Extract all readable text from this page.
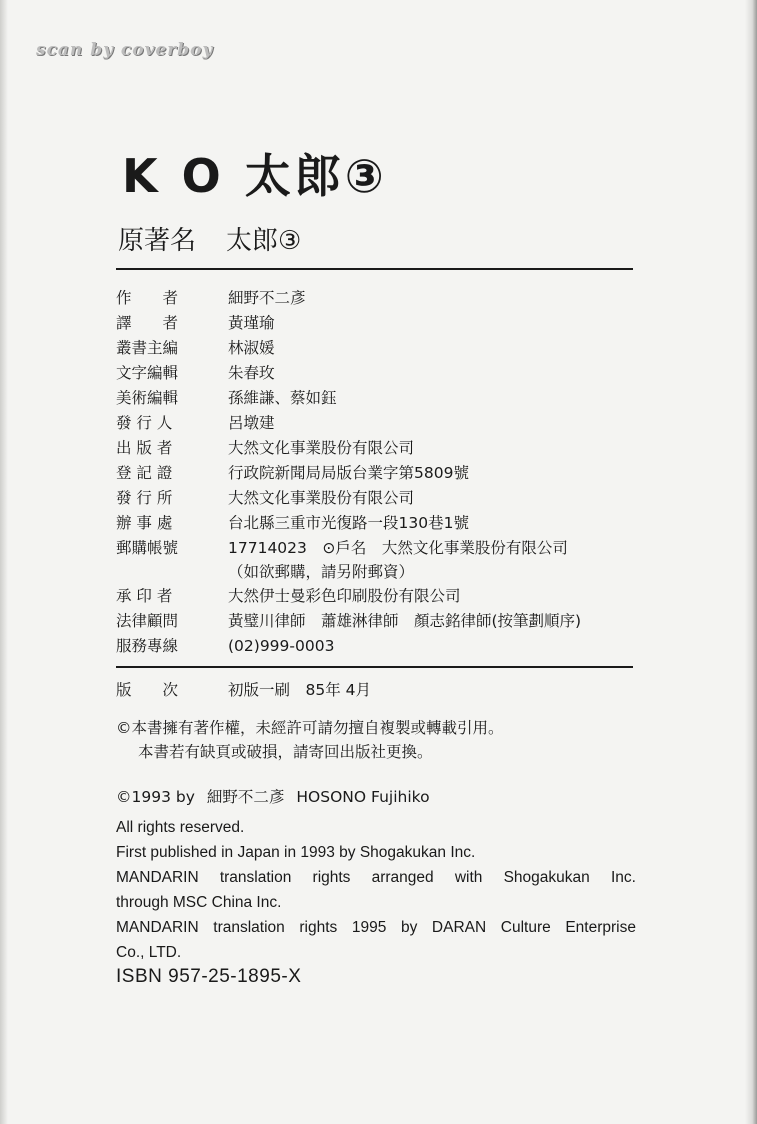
scan by coverboy
K O 太郎③
原著名 太郎③
作　　者	細野不二彥
譯　　者	黃瑾瑜
叢書主編	林淑媛
文字編輯	朱春玫
美術編輯	孫維謙、蔡如鈺
發 行 人	呂墩建
出 版 者	大然文化事業股份有限公司
登 記 證	行政院新聞局局版台業字第5809號
發 行 所	大然文化事業股份有限公司
辦 事 處	台北縣三重市光復路一段130巷1號
郵購帳號	17714023　⊙戶名　大然文化事業股份有限公司
（如欲郵購，請另附郵資）
承 印 者	大然伊士曼彩色印刷股份有限公司
法律顧問	黃璧川律師　蕭雄淋律師　顏志銘律師(按筆劃順序)
服務專線	(02)999-0003
版　　次	初版一刷　85年 4月
©本書擁有著作權，未經許可請勿擅自複製或轉載引用。
本書若有缺頁或破損，請寄回出版社更換。
©1993 by 細野不二彥 HOSONO Fujihiko

All rights reserved.

First published in Japan in 1993 by Shogakukan Inc.

MANDARIN translation rights arranged with Shogakukan Inc.

through MSC China Inc.

MANDARIN translation rights 1995 by DARAN Culture Enterprise

Co., LTD.

ISBN 957-25-1895-X
